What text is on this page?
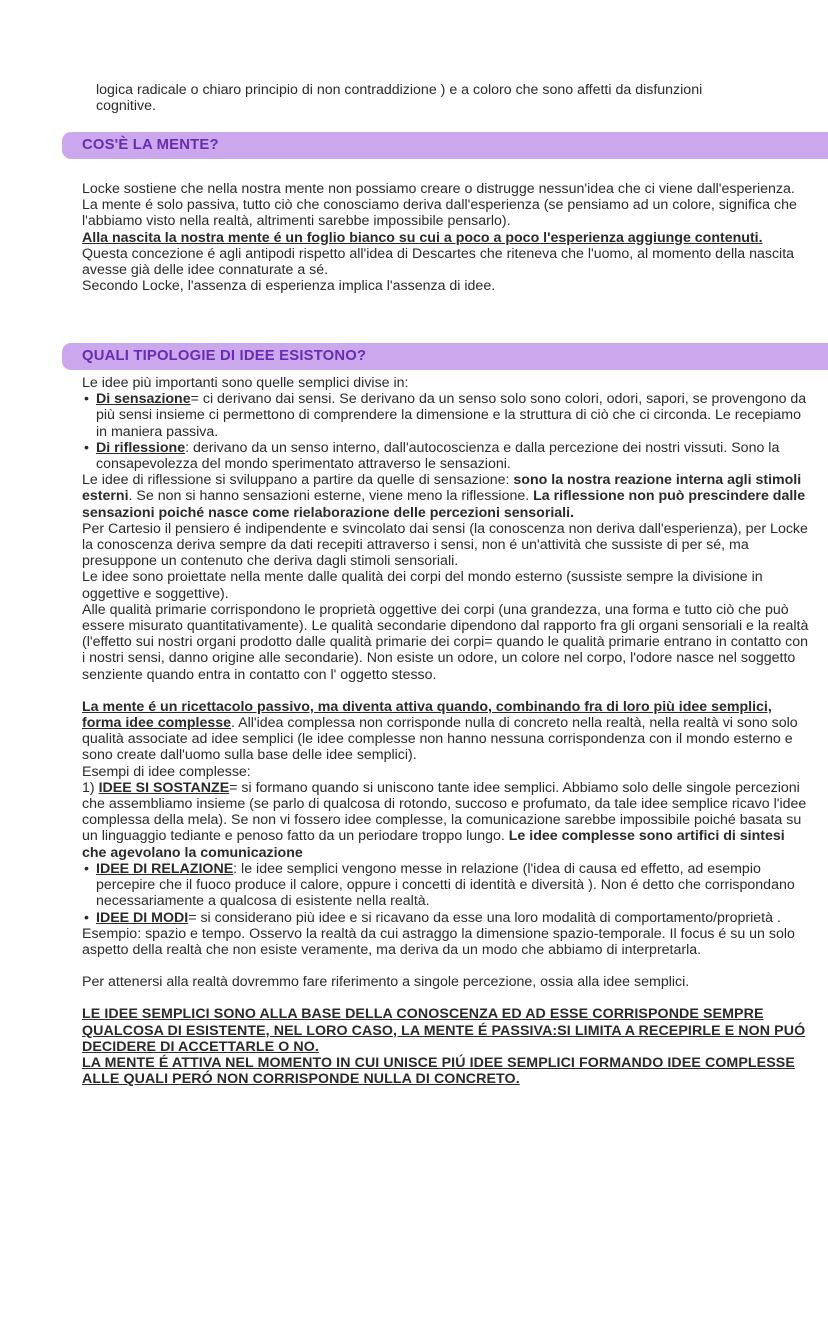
logica radicale o chiaro principio di non contraddizione ) e a coloro che sono affetti da disfunzioni cognitive.

COS'È LA MENTE?

Locke sostiene che nella nostra mente non possiamo creare o distrugge nessun'idea che ci viene dall'esperienza. La mente é solo passiva, tutto ciò che conosciamo deriva dall'esperienza (se pensiamo ad un colore, significa che l'abbiamo visto nella realtà, altrimenti sarebbe impossibile pensarlo).

Alla nascita la nostra mente é un foglio bianco su cui a poco a poco l'esperienza aggiunge contenuti.

Questa concezione é agli antipodi rispetto all'idea di Descartes che riteneva che l'uomo, al momento della nascita avesse già delle idee connaturate a sé.

Secondo Locke, l'assenza di esperienza implica l'assenza di idee.

QUALI TIPOLOGIE DI IDEE ESISTONO?

Le idee più importanti sono quelle semplici divise in:

• Di sensazione= ci derivano dai sensi. Se derivano da un senso solo sono colori, odori, sapori, se provengono da più sensi insieme ci permettono di comprendere la dimensione e la struttura di ciò che ci circonda. Le recepiamo in maniera passiva.
• Di riflessione: derivano da un senso interno, dall'autocoscienza e dalla percezione dei nostri vissuti. Sono la consapevolezza del mondo sperimentato attraverso le sensazioni.

Le idee di riflessione si sviluppano a partire da quelle di sensazione: sono la nostra reazione interna agli stimoli esterni. Se non si hanno sensazioni esterne, viene meno la riflessione. La riflessione non può prescindere dalle sensazioni poiché nasce come rielaborazione delle percezioni sensoriali.

Per Cartesio il pensiero é indipendente e svincolato dai sensi (la conoscenza non deriva dall'esperienza), per Locke la conoscenza deriva sempre da dati recepiti attraverso i sensi, non é un'attività che sussiste di per sé, ma presuppone un contenuto che deriva dagli stimoli sensoriali.

Le idee sono proiettate nella mente dalle qualità dei corpi del mondo esterno (sussiste sempre la divisione in oggettive e soggettive).

Alle qualità primarie corrispondono le proprietà oggettive dei corpi (una grandezza, una forma e tutto ciò che può essere misurato quantitativamente). Le qualità secondarie dipendono dal rapporto fra gli organi sensoriali e la realtà (l'effetto sui nostri organi prodotto dalle qualità primarie dei corpi= quando le qualità primarie entrano in contatto con i nostri sensi, danno origine alle secondarie). Non esiste un odore, un colore nel corpo, l'odore nasce nel soggetto senziente quando entra in contatto con l' oggetto stesso.

La mente é un ricettacolo passivo, ma diventa attiva quando, combinando fra di loro più idee semplici, forma idee complesse. All'idea complessa non corrisponde nulla di concreto nella realtà, nella realtà vi sono solo qualità associate ad idee semplici (le idee complesse non hanno nessuna corrispondenza con il mondo esterno e sono create dall'uomo sulla base delle idee semplici).

Esempi di idee complesse:

1) IDEE SI SOSTANZE= si formano quando si uniscono tante idee semplici. Abbiamo solo delle singole percezioni che assembliamo insieme (se parlo di qualcosa di rotondo, succoso e profumato, da tale idee semplice ricavo l'idee complessa della mela). Se non vi fossero idee complesse, la comunicazione sarebbe impossibile poiché basata su un linguaggio tediante e penoso fatto da un periodare troppo lungo. Le idee complesse sono artifici di sintesi che agevolano la comunicazione

• IDEE DI RELAZIONE: le idee semplici vengono messe in relazione (l'idea di causa ed effetto, ad esempio percepire che il fuoco produce il calore, oppure i concetti di identità e diversità ). Non é detto che corrispondano necessariamente a qualcosa di esistente nella realtà.
• IDEE DI MODI= si considerano più idee e si ricavano da esse una loro modalità di comportamento/proprietà .

Esempio: spazio e tempo. Osservo la realtà da cui astraggo la dimensione spazio-temporale. Il focus é su un solo aspetto della realtà che non esiste veramente, ma deriva da un modo che abbiamo di interpretarla.

Per attenersi alla realtà dovremmo fare riferimento a singole percezione, ossia alla idee semplici.

LE IDEE SEMPLICI SONO ALLA BASE DELLA CONOSCENZA ED AD ESSE CORRISPONDE SEMPRE QUALCOSA DI ESISTENTE, NEL LORO CASO, LA MENTE É PASSIVA:SI LIMITA A RECEPIRLE E NON PUÓ DECIDERE DI ACCETTARLE O NO.

LA MENTE É ATTIVA NEL MOMENTO IN CUI UNISCE PIÚ IDEE SEMPLICI FORMANDO IDEE COMPLESSE ALLE QUALI PERÓ NON CORRISPONDE NULLA DI CONCRETO.
